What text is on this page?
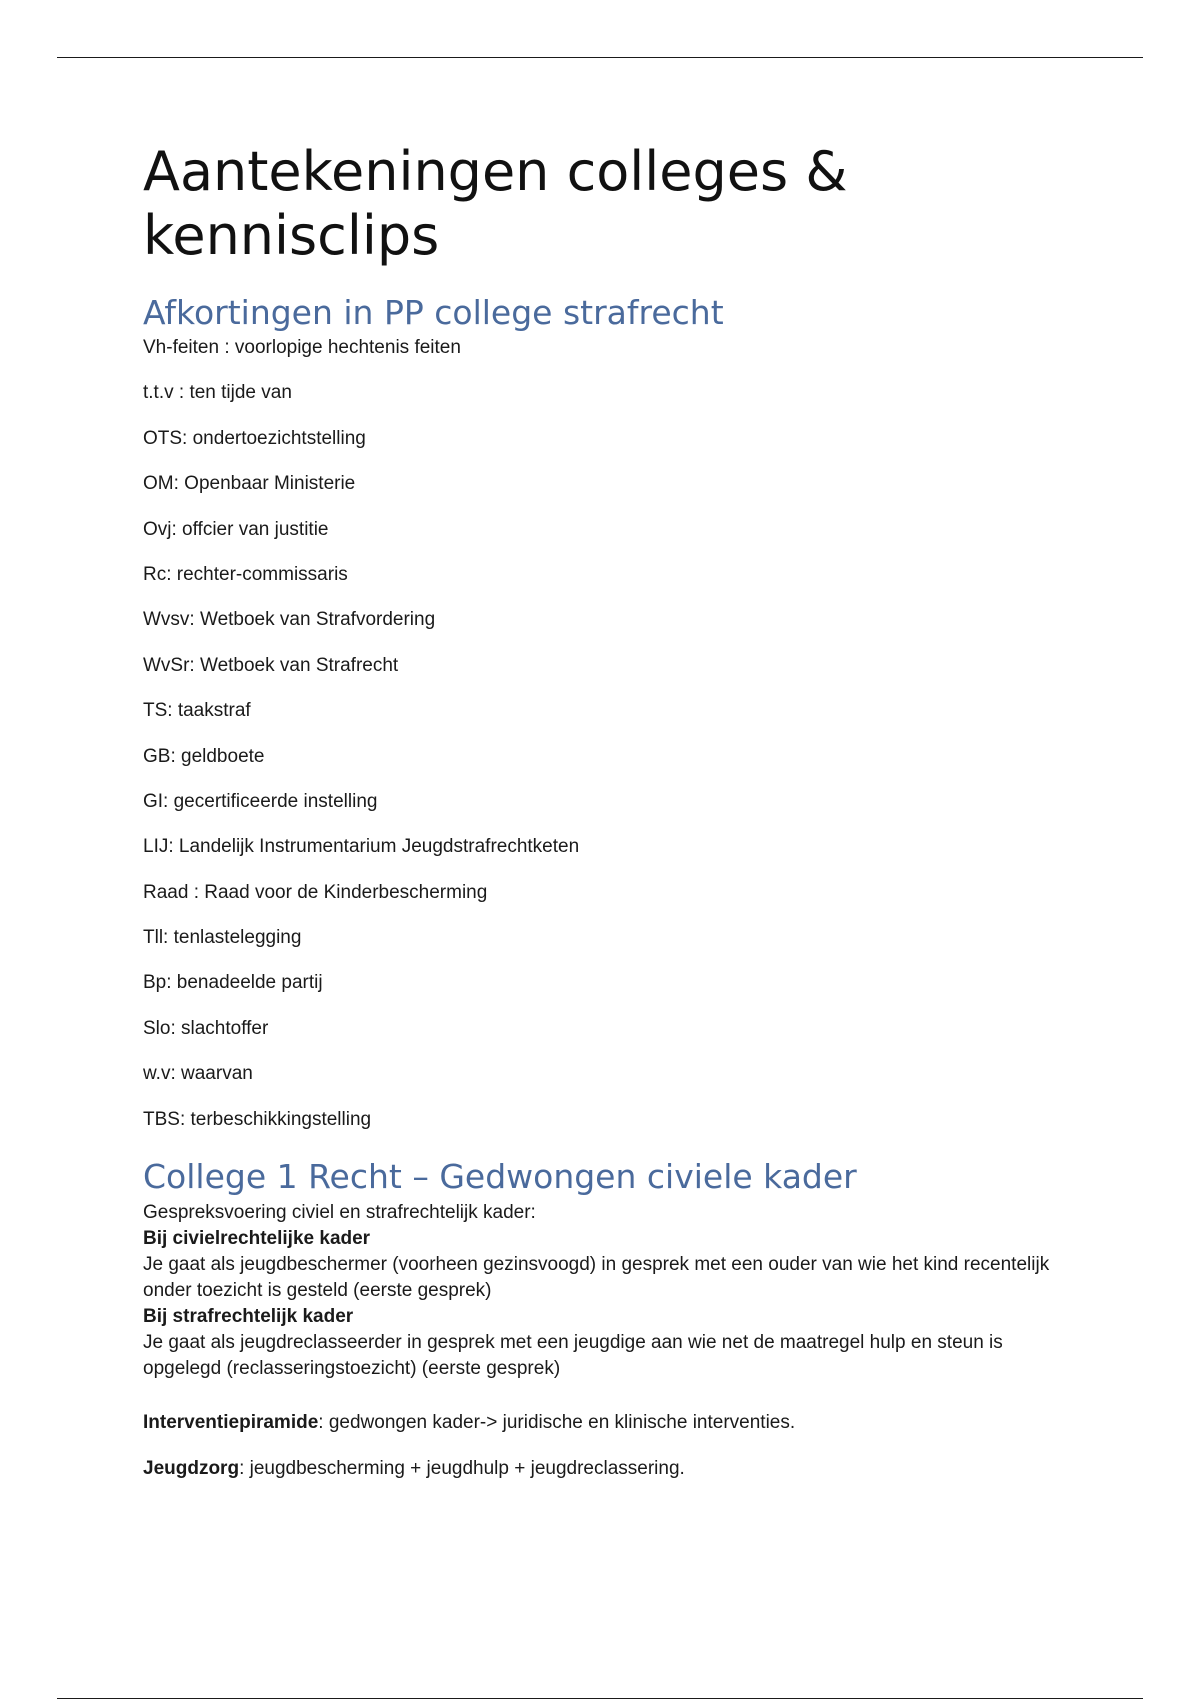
Aantekeningen colleges & kennisclips
Afkortingen in PP college strafrecht
Vh-feiten : voorlopige hechtenis feiten
t.t.v : ten tijde van
OTS: ondertoezichtstelling
OM: Openbaar Ministerie
Ovj: offcier van justitie
Rc: rechter-commissaris
Wvsv: Wetboek van Strafvordering
WvSr: Wetboek van Strafrecht
TS: taakstraf
GB: geldboete
GI: gecertificeerde instelling
LIJ: Landelijk Instrumentarium Jeugdstrafrechtketen
Raad : Raad voor de Kinderbescherming
Tll: tenlastelegging
Bp: benadeelde partij
Slo: slachtoffer
w.v: waarvan
TBS: terbeschikkingstelling
College 1 Recht – Gedwongen civiele kader

Gespreksvoering civiel en strafrechtelijk kader:

Bij civielrechtelijke kader

Je gaat als jeugdbeschermer (voorheen gezinsvoogd) in gesprek met een ouder van wie het kind recentelijk onder toezicht is gesteld (eerste gesprek)

Bij strafrechtelijk kader

Je gaat als jeugdreclasseerder in gesprek met een jeugdige aan wie net de maatregel hulp en steun is opgelegd (reclasseringstoezicht) (eerste gesprek)

Interventiepiramide: gedwongen kader-> juridische en klinische interventies.

Jeugdzorg: jeugdbescherming + jeugdhulp + jeugdreclassering.
